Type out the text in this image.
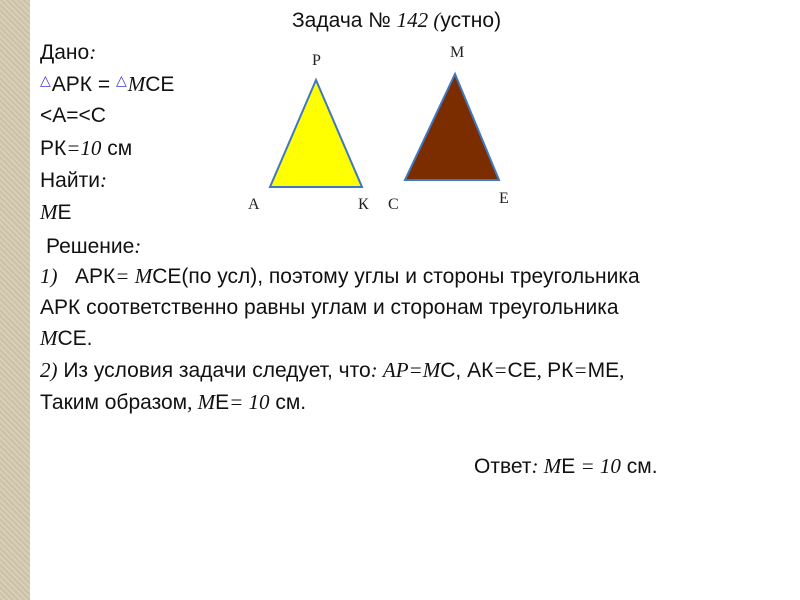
Задача № 142 (устно)
Дано:
△АРК = △МСЕ
<А=<С
РК=10 см
Найти:
МЕ
Решение:
1) АРК= МСЕ(по усл), поэтому углы и стороны треугольника
АРК соответственно равны углам и сторонам треугольника
МСЕ.
2) Из условия задачи следует, что: АР=МС, АК=СЕ, РК=МЕ,
Таким образом, МЕ= 10 см.
Ответ: МЕ = 10 см.
Р
А	К
М
С	Е
